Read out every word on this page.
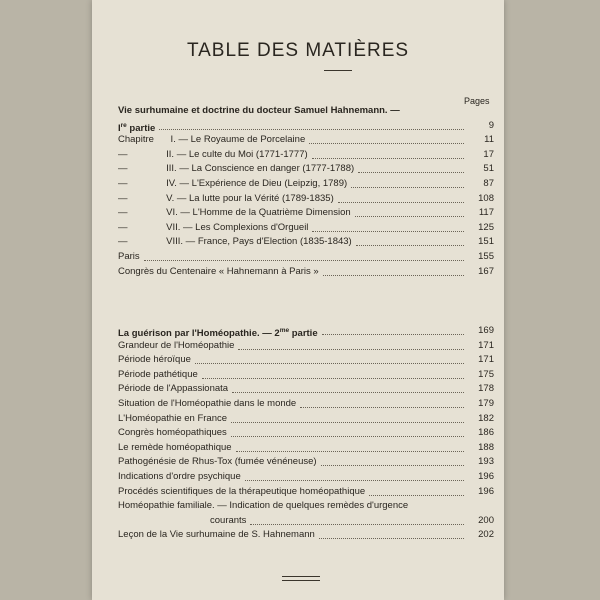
TABLE DES MATIÈRES
Pages
Vie surhumaine et doctrine du docteur Samuel Hahnemann. —
Ire partie	9
Chapitre I. — Le Royaume de Porcelaine	11
—	II. — Le culte du Moi (1771-1777)	17
—	III. — La Conscience en danger (1777-1788)	51
—	IV. — L'Expérience de Dieu (Leipzig, 1789)	87
—	V. — La lutte pour la Vérité (1789-1835)	108
—	VI. — L'Homme de la Quatrième Dimension	117
—	VII. — Les Complexions d'Orgueil	125
—	VIII. — France, Pays d'Election (1835-1843)	151
Paris	155
Congrès du Centenaire « Hahnemann à Paris »	167
La guérison par l'Homéopathie. — $2^{me}$ partie	169
Grandeur de l'Homéopathie	171
Période héroïque	171
Période pathétique	175
Période de l'Appassionata	178
Situation de l'Homéopathie dans le monde	179
L'Homéopathie en France	182
Congrès homéopathiques	186
Le remède homéopathique	188
Pathogénésie de Rhus-Tox (fumée vénéneuse)	193
Indications d'ordre psychique	196
Procédés scientifiques de la thérapeutique homéopathique	196
Homéopathie familiale. — Indication de quelques remèdes d'urgence
courants	200
Leçon de la Vie surhumaine de S. Hahnemann	202
